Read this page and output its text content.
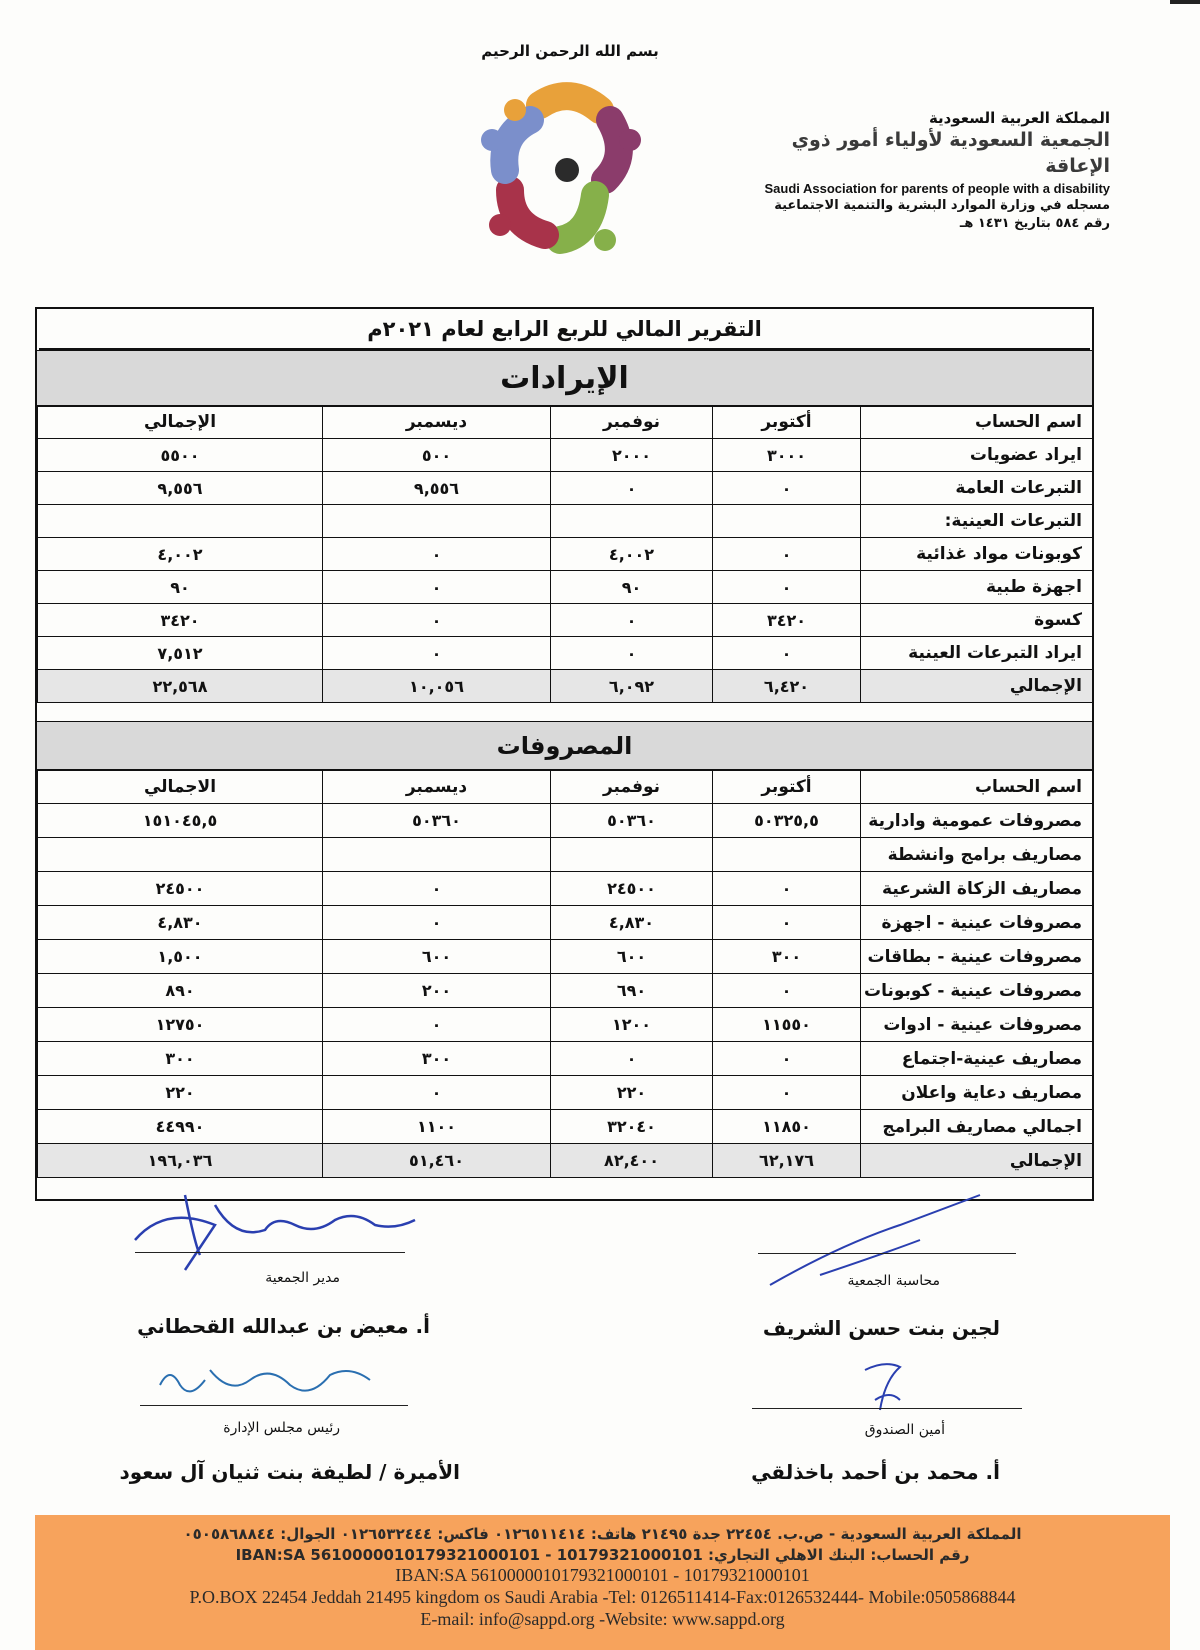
بسم الله الرحمن الرحيم
المملكة العربية السعودية
الجمعية السعودية لأولياء أمور ذوي الإعاقة
Saudi Association for parents of people with a disability
مسجله في وزارة الموارد البشرية والتنمية الاجتماعية
رقم ٥٨٤ بتاريخ ١٤٣١ هـ
التقرير المالي للربع الرابع لعام ٢٠٢١م
الإيرادات
اسم الحساب	أكتوبر	نوفمبر	ديسمبر	الإجمالي
ايراد عضويات	٣٠٠٠	٢٠٠٠	٥٠٠	٥٥٠٠
التبرعات العامة	٠	٠	٩,٥٥٦	٩,٥٥٦
التبرعات العينية:				
كوبونات مواد غذائية	٠	٤,٠٠٢	٠	٤,٠٠٢
اجهزة طبية	٠	٩٠	٠	٩٠
كسوة	٣٤٢٠	٠	٠	٣٤٢٠
ايراد التبرعات العينية	٠	٠	٠	٧,٥١٢
الإجمالي	٦,٤٢٠	٦,٠٩٢	١٠,٠٥٦	٢٢,٥٦٨
المصروفات
اسم الحساب	أكتوبر	نوفمبر	ديسمبر	الاجمالي
مصروفات عمومية وادارية	٥٠٣٢٥,٥	٥٠٣٦٠	٥٠٣٦٠	١٥١٠٤٥,٥
مصاريف برامج وانشطة				
مصاريف الزكاة الشرعية	٠	٢٤٥٠٠	٠	٢٤٥٠٠
مصروفات عينية - اجهزة	٠	٤,٨٣٠	٠	٤,٨٣٠
مصروفات عينية - بطاقات	٣٠٠	٦٠٠	٦٠٠	١,٥٠٠
مصروفات عينية - كوبونات	٠	٦٩٠	٢٠٠	٨٩٠
مصروفات عينية - ادوات	١١٥٥٠	١٢٠٠	٠	١٢٧٥٠
مصاريف عينية-اجتماع	٠	٠	٣٠٠	٣٠٠
مصاريف دعاية واعلان	٠	٢٢٠	٠	٢٢٠
اجمالي مصاريف البرامج	١١٨٥٠	٣٢٠٤٠	١١٠٠	٤٤٩٩٠
الإجمالي	٦٢,١٧٦	٨٢,٤٠٠	٥١,٤٦٠	١٩٦,٠٣٦
مدير الجمعية
أ. معيض بن عبدالله القحطاني
محاسبة الجمعية
لجين بنت حسن الشريف
رئيس مجلس الإدارة
الأميرة / لطيفة بنت ثنيان آل سعود
أمين الصندوق
أ. محمد بن أحمد باخذلقي
المملكة العربية السعودية - ص.ب. ٢٢٤٥٤ جدة ٢١٤٩٥ هاتف: ٠١٢٦٥١١٤١٤ فاكس: ٠١٢٦٥٣٢٤٤٤ الجوال: ٠٥٠٥٨٦٨٨٤٤
رقم الحساب: البنك الاهلي التجاري: 10179321000101 - IBAN:SA 5610000010179321000101
IBAN:SA 5610000010179321000101 - 10179321000101
P.O.BOX 22454 Jeddah 21495 kingdom os Saudi Arabia -Tel: 0126511414-Fax:0126532444- Mobile:0505868844
E-mail: info@sappd.org -Website: www.sappd.org
